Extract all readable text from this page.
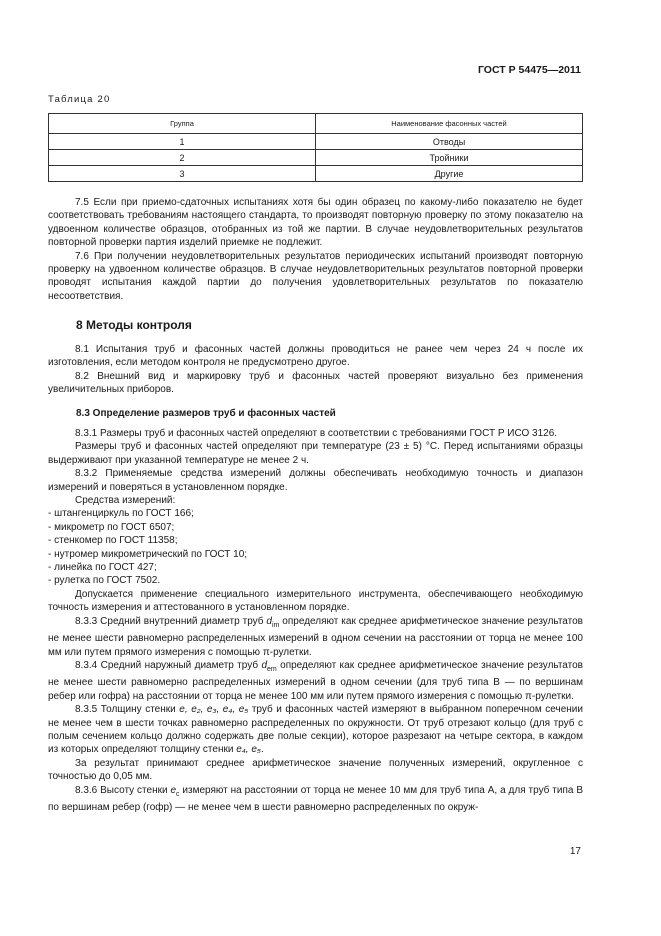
ГОСТ Р 54475—2011
Таблица 20
Группа	Наименование фасонных частей
1	Отводы
2	Тройники
3	Другие

7.5 Если при приемо-сдаточных испытаниях хотя бы один образец по какому-либо показателю не будет соответствовать требованиям настоящего стандарта, то производят повторную проверку по этому показателю на удвоенном количестве образцов, отобранных из той же партии. В случае неудовлетворительных результатов повторной проверки партия изделий приемке не подлежит.

7.6 При получении неудовлетворительных результатов периодических испытаний производят повторную проверку на удвоенном количестве образцов. В случае неудовлетворительных результатов повторной проверки проводят испытания каждой партии до получения удовлетворительных результатов по показателю несоответствия.

8 Методы контроля

8.1 Испытания труб и фасонных частей должны проводиться не ранее чем через 24 ч после их изготовления, если методом контроля не предусмотрено другое.

8.2 Внешний вид и маркировку труб и фасонных частей проверяют визуально без применения увеличительных приборов.

8.3 Определение размеров труб и фасонных частей

8.3.1 Размеры труб и фасонных частей определяют в соответствии с требованиями ГОСТ Р ИСО 3126.

Размеры труб и фасонных частей определяют при температуре (23 ± 5) °С. Перед испытаниями образцы выдерживают при указанной температуре не менее 2 ч.

8.3.2 Применяемые средства измерений должны обеспечивать необходимую точность и диапазон измерений и поверяться в установленном порядке.

Средства измерений:

- штангенциркуль по ГОСТ 166;

- микрометр по ГОСТ 6507;

- стенкомер по ГОСТ 11358;

- нутромер микрометрический по ГОСТ 10;

- линейка по ГОСТ 427;

- рулетка по ГОСТ 7502.

Допускается применение специального измерительного инструмента, обеспечивающего необходимую точность измерения и аттестованного в установленном порядке.

8.3.3 Средний внутренний диаметр труб $d_{im}$ определяют как среднее арифметическое значение результатов не менее шести равномерно распределенных измерений в одном сечении на расстоянии от торца не менее 100 мм или путем прямого измерения с помощью π-рулетки.

8.3.4 Средний наружный диаметр труб $d_{em}$ определяют как среднее арифметическое значение результатов не менее шести равномерно распределенных измерений в одном сечении (для труб типа В — по вершинам ребер или гофра) на расстоянии от торца не менее 100 мм или путем прямого измерения с помощью π-рулетки.

8.3.5 Толщину стенки e, e₂, e₃, e₄, e₅ труб и фасонных частей измеряют в выбранном поперечном сечении не менее чем в шести точках равномерно распределенных по окружности. От труб отрезают кольцо (для труб с полым сечением кольцо должно содержать две полые секции), которое разрезают на четыре сектора, в каждом из которых определяют толщину стенки e₄, e₅.

За результат принимают среднее арифметическое значение полученных измерений, округленное с точностью до 0,05 мм.

8.3.6 Высоту стенки $e_c$ измеряют на расстоянии от торца не менее 10 мм для труб типа А, а для труб типа В по вершинам ребер (гофр) — не менее чем в шести равномерно распределенных по окруж-

17
